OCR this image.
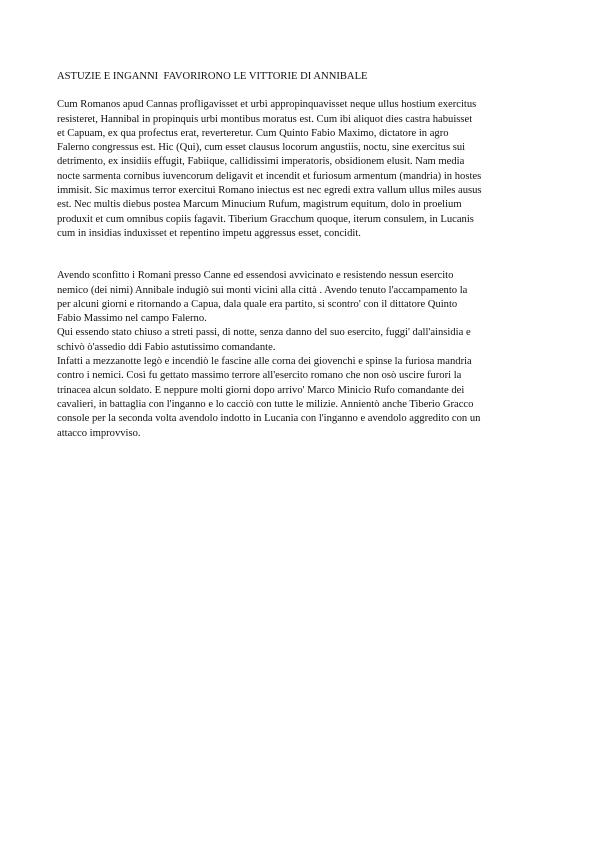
ASTUZIE E INGANNI  FAVORIRONO LE VITTORIE DI ANNIBALE
Cum Romanos apud Cannas profligavisset et urbi appropinquavisset neque ullus hostium exercitus
resisteret, Hannibal in propinquis urbi montibus moratus est. Cum ibi aliquot dies castra habuisset
et Capuam, ex qua profectus erat, reverteretur. Cum Quinto Fabio Maximo, dictatore in agro
Falerno congressus est. Hic (Qui), cum esset clausus locorum angustiis, noctu, sine exercitus sui
detrimento, ex insidiis effugit, Fabiique, callidissimi imperatoris, obsidionem elusit. Nam media
nocte sarmenta cornibus iuvencorum deligavit et incendit et furiosum armentum (mandria) in hostes
immisit. Sic maximus terror exercitui Romano iniectus est nec egredi extra vallum ullus miles ausus
est. Nec multis diebus postea Marcum Minucium Rufum, magistrum equitum, dolo in proelium
produxit et cum omnibus copiis fagavit. Tiberium Gracchum quoque, iterum consulem, in Lucanis
cum in insidias induxisset et repentino impetu aggressus esset, concidit.
Avendo sconfitto i Romani presso Canne ed essendosi avvicinato e resistendo nessun esercito
nemico (dei nimi) Annibale indugiò sui monti vicini alla città . Avendo tenuto l'accampamento la
per alcuni giorni e ritornando a Capua, dala quale era partito, si scontro' con il dittatore Quinto
Fabio Massimo nel campo Falerno.
Qui essendo stato chiuso a streti passi, di notte, senza danno del suo esercito, fuggi' dall'ainsidia e
schivò ò'assedio ddi Fabio astutissimo comandante.
Infatti a mezzanotte legò e incendiò le fascine alle corna dei giovenchi e spinse la furiosa mandria
contro i nemici. Così fu gettato massimo terrore all'esercito romano che non osò uscire furori la
trinacea alcun soldato. E neppure molti giorni dopo arrivo' Marco Minicio Rufo comandante dei
cavalieri, in battaglia con l'inganno e lo cacciò con tutte le milizie. Annientò anche Tiberio Gracco
console per la seconda volta avendolo indotto in Lucania con l'inganno e avendolo aggredito con un
attacco improvviso.
